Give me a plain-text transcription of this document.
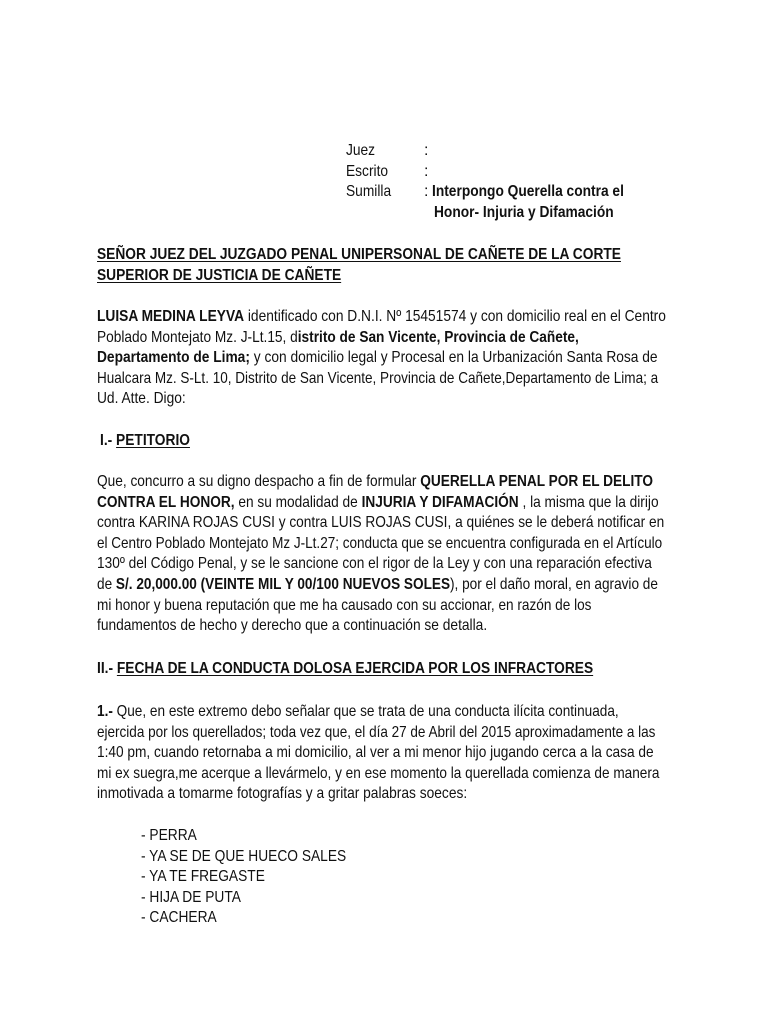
Juez	:
Escrito :
Sumilla : Interpongo Querella contra el
Honor- Injuria y Difamación
SEÑOR JUEZ DEL JUZGADO PENAL UNIPERSONAL DE CAÑETE DE LA CORTE
SUPERIOR DE JUSTICIA DE CAÑETE
LUISA MEDINA LEYVA identificado con D.N.I. Nº 15451574 y con domicilio real en el Centro
Poblado Montejato Mz. J-Lt.15, distrito de San Vicente, Provincia de Cañete,
Departamento de Lima; y con domicilio legal y Procesal en la Urbanización Santa Rosa de
Hualcara Mz. S-Lt. 10, Distrito de San Vicente, Provincia de Cañete,Departamento de Lima; a
Ud. Atte. Digo:
I.- PETITORIO
Que, concurro a su digno despacho a fin de formular QUERELLA PENAL POR EL DELITO
CONTRA EL HONOR, en su modalidad de INJURIA Y DIFAMACIÓN , la misma que la dirijo
contra KARINA ROJAS CUSI y contra LUIS ROJAS CUSI, a quiénes se le deberá notificar en
el Centro Poblado Montejato Mz J-Lt.27; conducta que se encuentra configurada en el Artículo
130º del Código Penal, y se le sancione con el rigor de la Ley y con una reparación efectiva
de S/. 20,000.00 (VEINTE MIL Y 00/100 NUEVOS SOLES), por el daño moral, en agravio de
mi honor y buena reputación que me ha causado con su accionar, en razón de los
fundamentos de hecho y derecho que a continuación se detalla.
II.- FECHA DE LA CONDUCTA DOLOSA EJERCIDA POR LOS INFRACTORES
1.- Que, en este extremo debo señalar que se trata de una conducta ilícita continuada,
ejercida por los querellados; toda vez que, el día 27 de Abril del 2015 aproximadamente a las
1:40 pm, cuando retornaba a mi domicilio, al ver a mi menor hijo jugando cerca a la casa de
mi ex suegra,me acerque a llevármelo, y en ese momento la querellada comienza de manera
inmotivada a tomarme fotografías y a gritar palabras soeces:
- PERRA
- YA SE DE QUE HUECO SALES
- YA TE FREGASTE
- HIJA DE PUTA
- CACHERA
